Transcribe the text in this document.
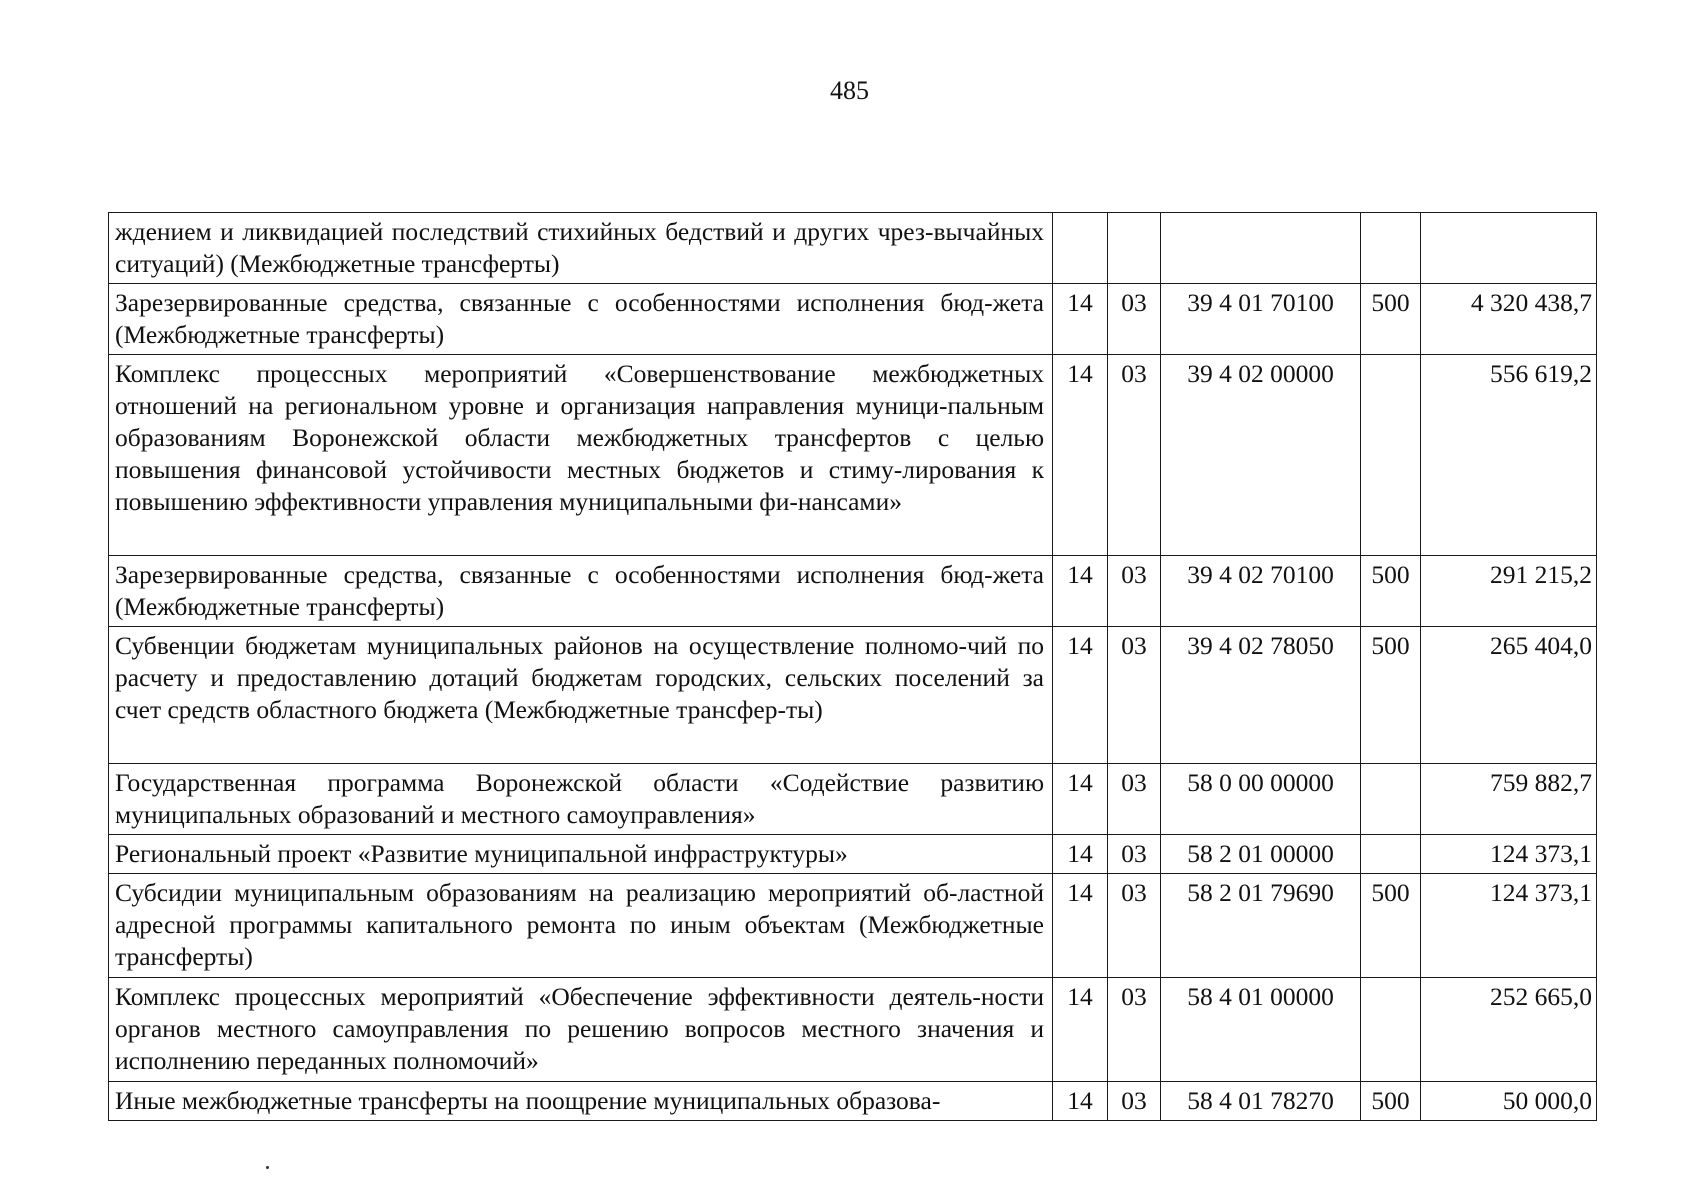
485
ждением и ликвидацией последствий стихийных бедствий и других чрез-вычайных ситуаций) (Межбюджетные трансферты)					
Зарезервированные средства, связанные с особенностями исполнения бюд-жета (Межбюджетные трансферты)	14	03	39 4 01 70100	500	4 320 438,7
Комплекс процессных мероприятий «Совершенствование межбюджетных отношений на региональном уровне и организация направления муници-пальным образованиям Воронежской области межбюджетных трансфертов с целью повышения финансовой устойчивости местных бюджетов и стиму-лирования к повышению эффективности управления муниципальными фи-нансами»	14	03	39 4 02 00000		556 619,2
Зарезервированные средства, связанные с особенностями исполнения бюд-жета (Межбюджетные трансферты)	14	03	39 4 02 70100	500	291 215,2
Субвенции бюджетам муниципальных районов на осуществление полномо-чий по расчету и предоставлению дотаций бюджетам городских, сельских поселений за счет средств областного бюджета (Межбюджетные трансфер-ты)	14	03	39 4 02 78050	500	265 404,0
Государственная программа Воронежской области «Содействие развитию муниципальных образований и местного самоуправления»	14	03	58 0 00 00000		759 882,7
Региональный проект «Развитие муниципальной инфраструктуры»	14	03	58 2 01 00000		124 373,1
Субсидии муниципальным образованиям на реализацию мероприятий об-ластной адресной программы капитального ремонта по иным объектам (Межбюджетные трансферты)	14	03	58 2 01 79690	500	124 373,1
Комплекс процессных мероприятий «Обеспечение эффективности деятель-ности органов местного самоуправления по решению вопросов местного значения и исполнению переданных полномочий»	14	03	58 4 01 00000		252 665,0
Иные межбюджетные трансферты на поощрение муниципальных образова-	14	03	58 4 01 78270	500	50 000,0
